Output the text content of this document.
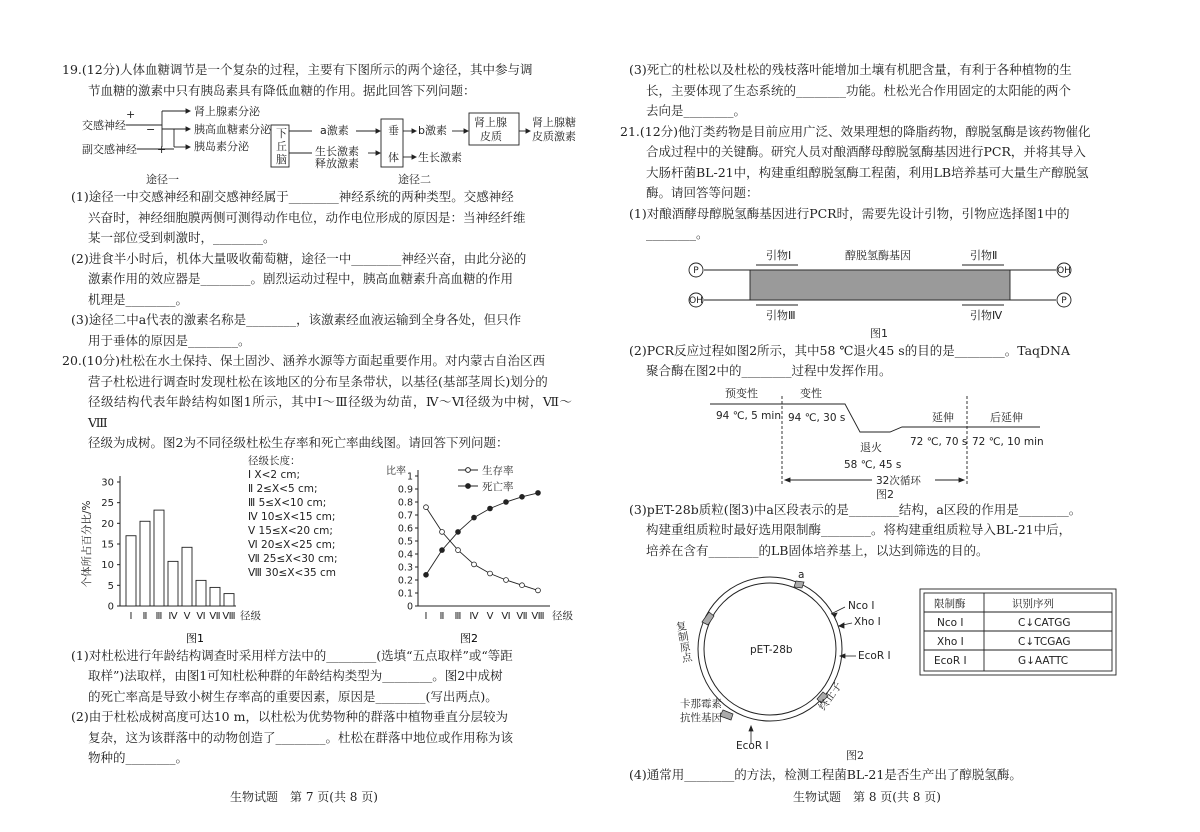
19.(12分)人体血糖调节是一个复杂的过程，主要有下图所示的两个途径，其中参与调

节血糖的激素中只有胰岛素具有降低血糖的作用。据此回答下列问题：

交感神经
副交感神经
+
−
+
肾上腺素分泌
胰高血糖素分泌
胰岛素分泌
下
丘
脑
a激素
生长激素
释放激素
垂
体
b激素
肾上腺
皮质
肾上腺糖
皮质激素
生长激素
途径一	途径二

(1)途径一中交感神经和副交感神经属于________神经系统的两种类型。交感神经

兴奋时，神经细胞膜两侧可测得动作电位，动作电位形成的原因是：当神经纤维

某一部位受到刺激时，________。

(2)进食半小时后，机体大量吸收葡萄糖，途径一中________神经兴奋，由此分泌的

激素作用的效应器是________。剧烈运动过程中，胰高血糖素升高血糖的作用

机理是________。

(3)途径二中a代表的激素名称是________，该激素经血液运输到全身各处，但只作

用于垂体的原因是________。

20.(10分)杜松在水土保持、保土固沙、涵养水源等方面起重要作用。对内蒙古自治区西

营子杜松进行调查时发现杜松在该地区的分布呈条带状，以基径(基部茎周长)划分的

径级结构代表年龄结构如图1所示，其中Ⅰ～Ⅲ径级为幼苗，Ⅳ～Ⅵ径级为中树，Ⅶ～Ⅷ

径级为成树。图2为不同径级杜松生存率和死亡率曲线图。请回答下列问题：

0
5
10
15
20
25
30
Ⅰ Ⅱ Ⅲ Ⅳ Ⅴ Ⅵ Ⅶ Ⅷ 径级
个体所占百分比/%
径级长度：
Ⅰ X<2 cm;
Ⅱ 2≤X<5 cm;
Ⅲ 5≤X<10 cm;
Ⅳ 10≤X<15 cm;
Ⅴ 15≤X<20 cm;
Ⅵ 20≤X<25 cm;
Ⅶ 25≤X<30 cm;
Ⅷ 30≤X<35 cm
0
0.1
0.2
0.3
0.4
0.5
0.6
0.7
0.8
0.9
1
Ⅰ Ⅱ Ⅲ Ⅳ Ⅴ Ⅵ Ⅶ Ⅷ 径级
比率	生存率
死亡率
图1	图2

(1)对杜松进行年龄结构调查时采用样方法中的________(选填“五点取样”或“等距

取样”)法取样，由图1可知杜松种群的年龄结构类型为________。图2中成树

的死亡率高是导致小树生存率高的重要因素，原因是________(写出两点)。

(2)由于杜松成树高度可达10 m，以杜松为优势物种的群落中植物垂直分层较为

复杂，这为该群落中的动物创造了________。杜松在群落中地位或作用称为该

物种的________。

生物试题　第 7 页(共 8 页)

(3)死亡的杜松以及杜松的残枝落叶能增加土壤有机肥含量，有利于各种植物的生

长，主要体现了生态系统的________功能。杜松光合作用固定的太阳能的两个

去向是________。

21.(12分)他汀类药物是目前应用广泛、效果理想的降脂药物，醇脱氢酶是该药物催化

合成过程中的关键酶。研究人员对酿酒酵母醇脱氢酶基因进行PCR，并将其导入

大肠杆菌BL-21中，构建重组醇脱氢酶工程菌，利用LB培养基可大量生产醇脱氢

酶。请回答等问题：

(1)对酿酒酵母醇脱氢酶基因进行PCR时，需要先设计引物，引物应选择图1中的

________。

引物Ⅰ	醇脱氢酶基因	引物Ⅱ
引物Ⅲ	引物Ⅳ
图1
P	OH
OH	P

(2)PCR反应过程如图2所示，其中58 ℃退火45 s的目的是________。TaqDNA

聚合酶在图2中的________过程中发挥作用。

预变性	变性
延伸	后延伸
退火
94 ℃, 5 min 94 ℃, 30 s
72 ℃, 70 s 72 ℃, 10 min
58 ℃, 45 s
32次循环
图2

(3)pET-28b质粒(图3)中a区段表示的是________结构，a区段的作用是________。

构建重组质粒时最好选用限制酶________。将构建重组质粒导入BL-21中后，

培养在含有________的LB固体培养基上，以达到筛选的目的。

pET-28b
a
Nco Ⅰ
Xho Ⅰ
EcoR Ⅰ
卡那霉素
抗性基因
EcoR Ⅰ
复制原点
终止子
限制酶	识别序列
Nco Ⅰ	C↓CATGG
Xho Ⅰ	C↓TCGAG
EcoR Ⅰ	G↓AATTC
图2

(4)通常用________的方法，检测工程菌BL-21是否生产出了醇脱氢酶。

生物试题　第 8 页(共 8 页)
